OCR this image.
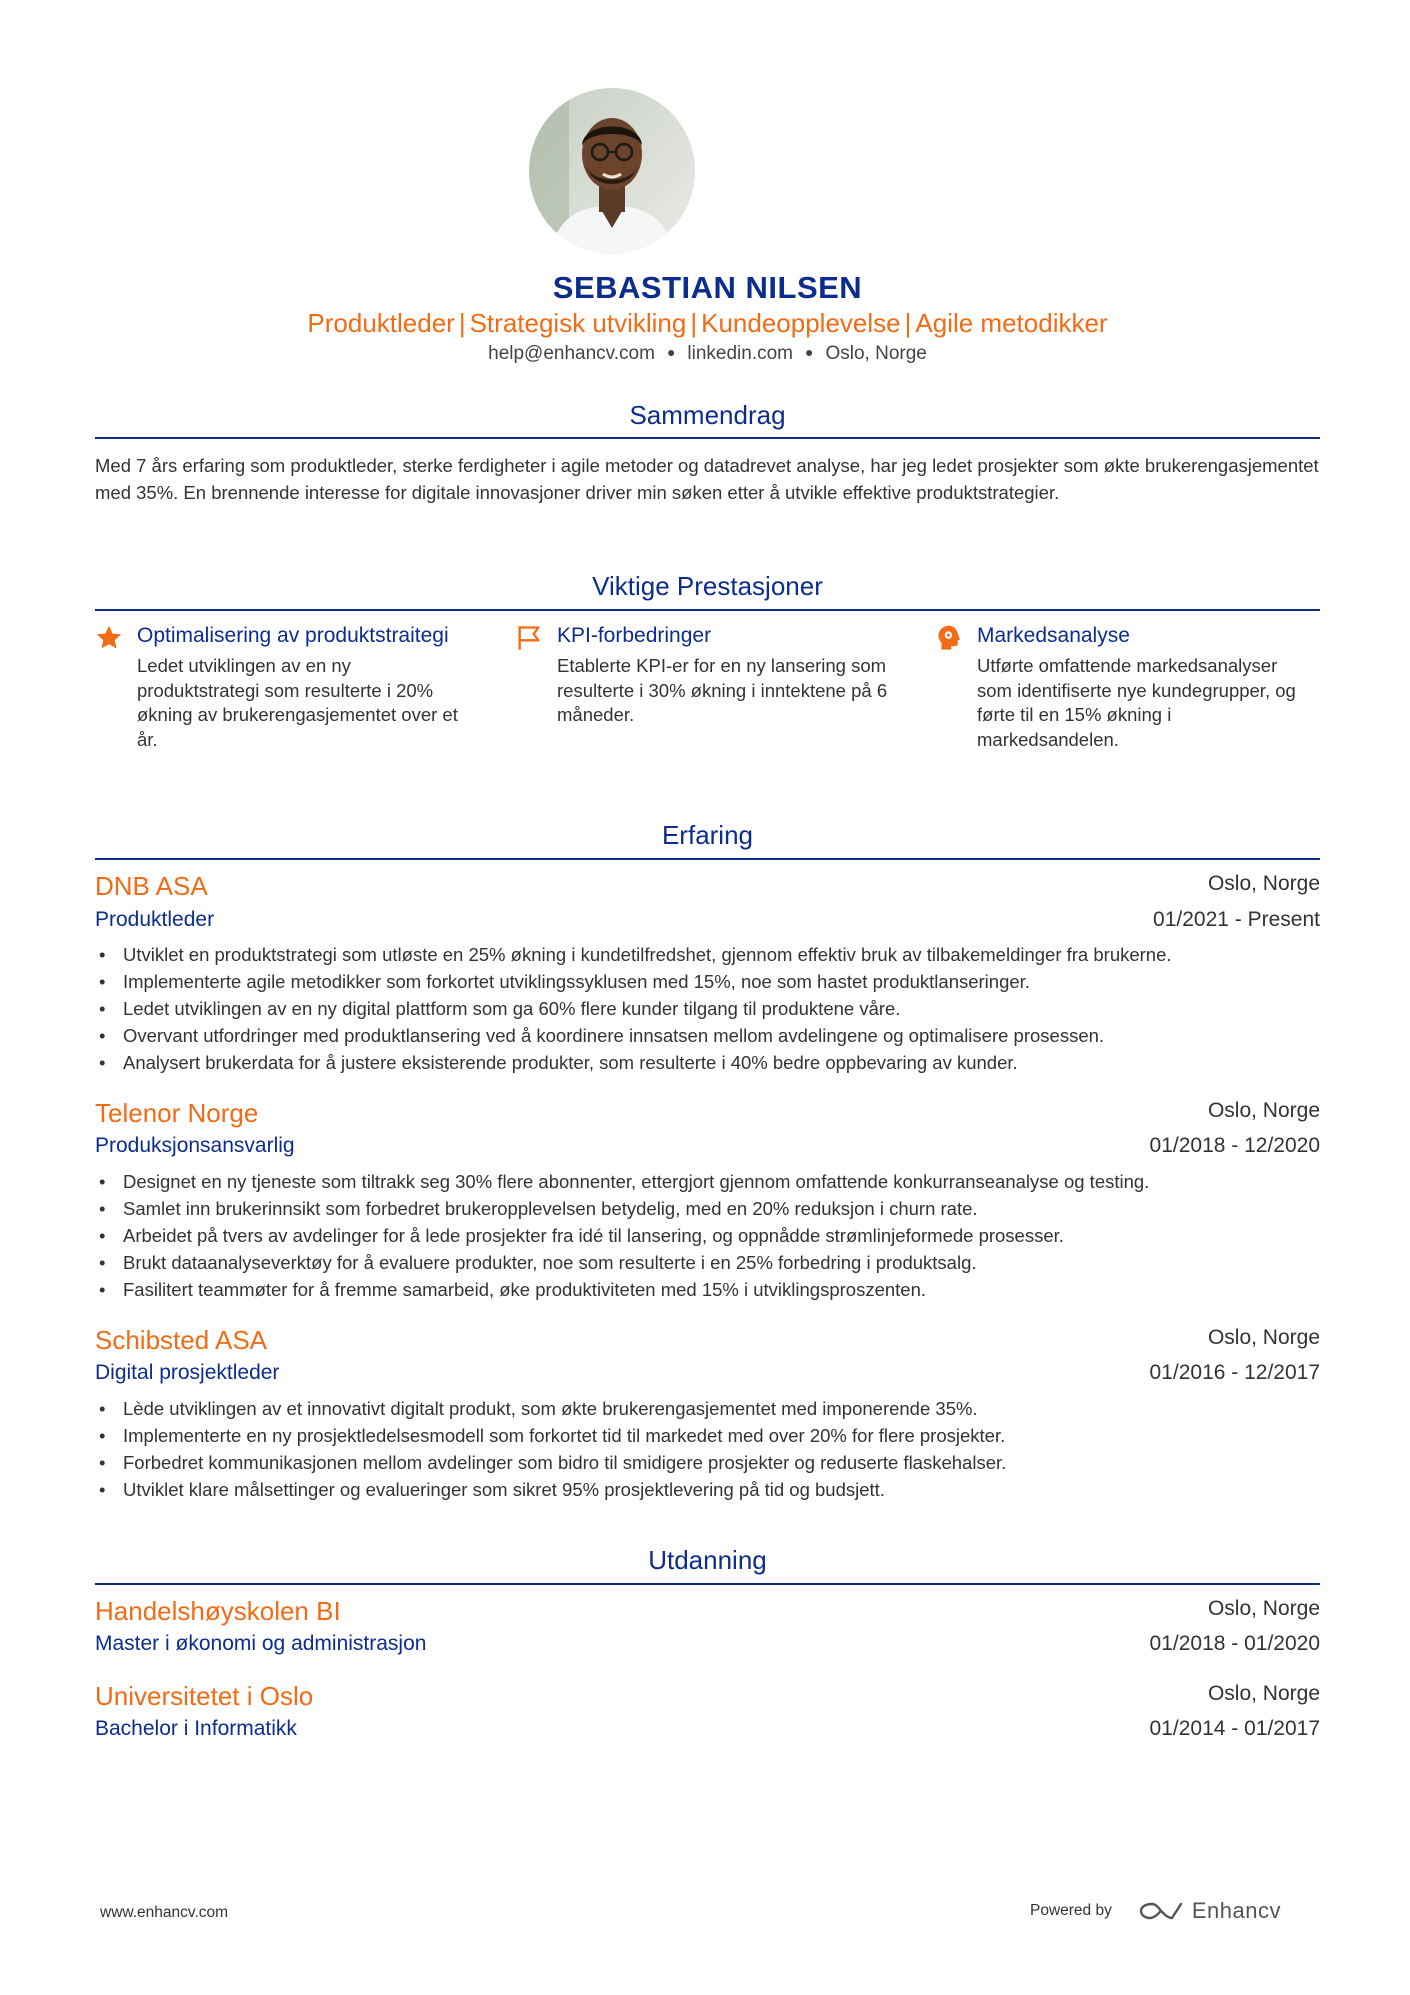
SEBASTIAN NILSEN
Produktleder | Strategisk utvikling | Kundeopplevelse | Agile metodikker
help@enhancv.com ● linkedin.com ● Oslo, Norge
Sammendrag
Med 7 års erfaring som produktleder, sterke ferdigheter i agile metoder og datadrevet analyse, har jeg ledet prosjekter som økte brukerengasjementet med 35%. En brennende interesse for digitale innovasjoner driver min søken etter å utvikle effektive produktstrategier.
Viktige Prestasjoner
Optimalisering av produktstraitegi
Ledet utviklingen av en ny produktstrategi som resulterte i 20% økning av brukerengasjementet over et år.
KPI-forbedringer
Etablerte KPI-er for en ny lansering som resulterte i 30% økning i inntektene på 6 måneder.
Markedsanalyse
Utførte omfattende markedsanalyser som identifiserte nye kundegrupper, og førte til en 15% økning i markedsandelen.
Erfaring
DNB ASA	Oslo, Norge
Produktleder	01/2021 - Present
• Utviklet en produktstrategi som utløste en 25% økning i kundetilfredshet, gjennom effektiv bruk av tilbakemeldinger fra brukerne.
• Implementerte agile metodikker som forkortet utviklingssyklusen med 15%, noe som hastet produktlanseringer.
• Ledet utviklingen av en ny digital plattform som ga 60% flere kunder tilgang til produktene våre.
• Overvant utfordringer med produktlansering ved å koordinere innsatsen mellom avdelingene og optimalisere prosessen.
• Analysert brukerdata for å justere eksisterende produkter, som resulterte i 40% bedre oppbevaring av kunder.
Telenor Norge	Oslo, Norge
Produksjonsansvarlig	01/2018 - 12/2020
• Designet en ny tjeneste som tiltrakk seg 30% flere abonnenter, ettergjort gjennom omfattende konkurranseanalyse og testing.
• Samlet inn brukerinnsikt som forbedret brukeropplevelsen betydelig, med en 20% reduksjon i churn rate.
• Arbeidet på tvers av avdelinger for å lede prosjekter fra idé til lansering, og oppnådde strømlinjeformede prosesser.
• Brukt dataanalyseverktøy for å evaluere produkter, noe som resulterte i en 25% forbedring i produktsalg.
• Fasilitert teammøter for å fremme samarbeid, øke produktiviteten med 15% i utviklingsproszenten.
Schibsted ASA	Oslo, Norge
Digital prosjektleder	01/2016 - 12/2017
• Lède utviklingen av et innovativt digitalt produkt, som økte brukerengasjementet med imponerende 35%.
• Implementerte en ny prosjektledelsesmodell som forkortet tid til markedet med over 20% for flere prosjekter.
• Forbedret kommunikasjonen mellom avdelinger som bidro til smidigere prosjekter og reduserte flaskehalser.
• Utviklet klare målsettinger og evalueringer som sikret 95% prosjektlevering på tid og budsjett.
Utdanning
Handelshøyskolen BI	Oslo, Norge
Master i økonomi og administrasjon	01/2018 - 01/2020
Universitetet i Oslo	Oslo, Norge
Bachelor i Informatikk	01/2014 - 01/2017
www.enhancv.com	Powered by	Enhancv
